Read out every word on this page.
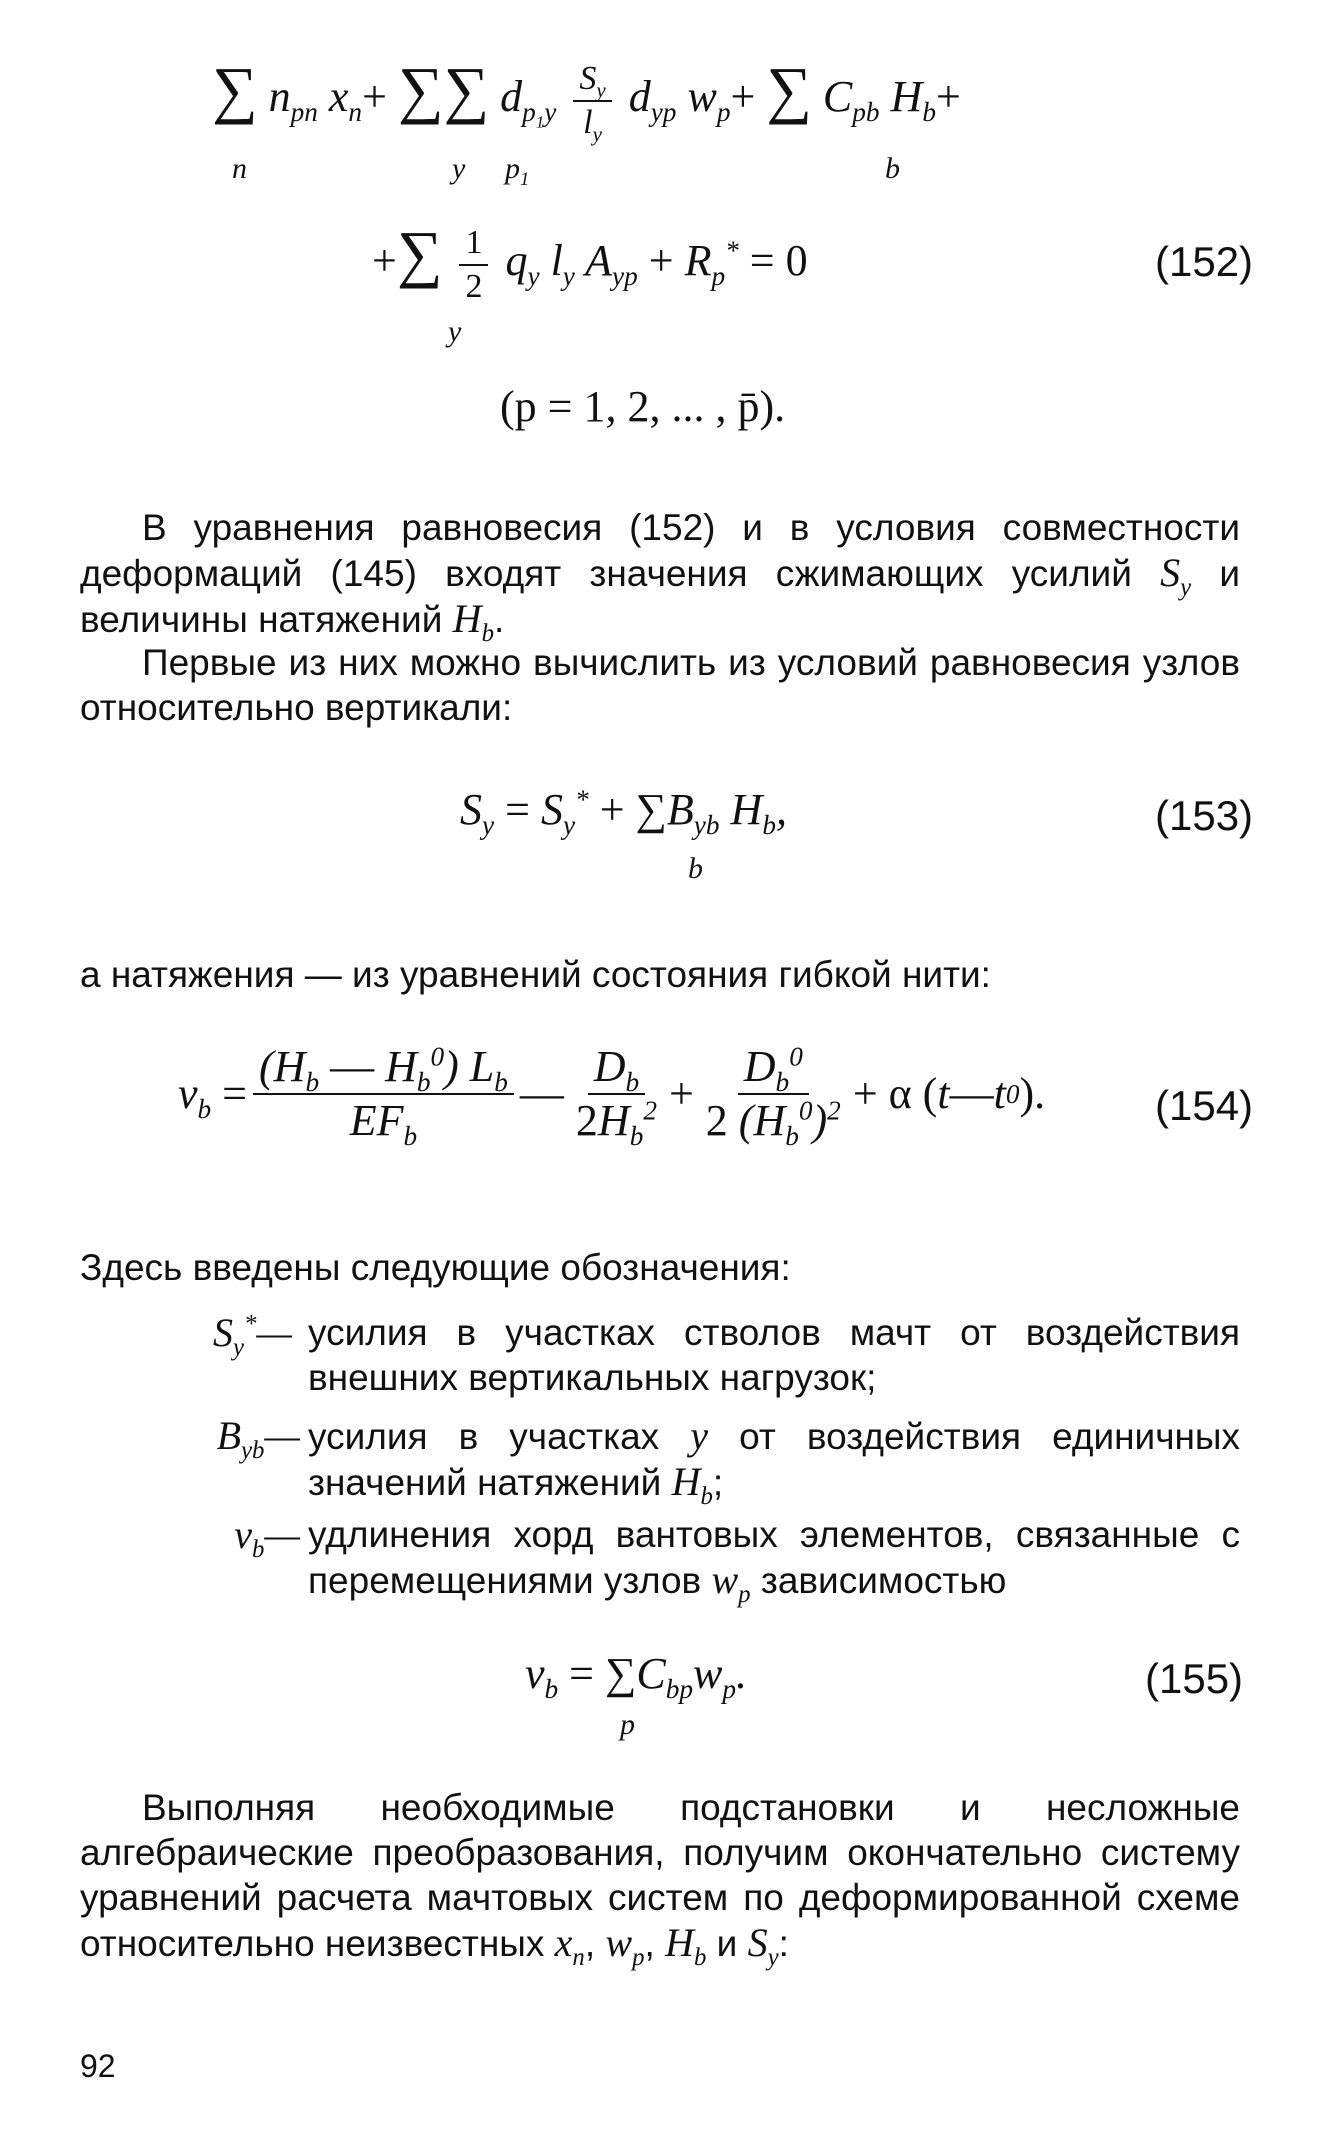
∑ $n_{pn}$ $x_n+$ ∑∑ $d_{p_1y} \frac{S_y}{l_y} d_{yp}$ $w_p+$ ∑ $C_{pb}$ $H_b+$
n	y $p_1$	b
+∑ $\frac{1}{2} q_y$ $l_y$ $A_{yp} + R_p^* = 0$
y
(152)
(p = 1, 2, ... , p̄).
В уравнения равновесия (152) и в условия совместности деформаций (145) входят значения сжимающих усилий $S_y$ и величины натяжений $H_b$.
Первые из них можно вычислить из условий равновесия узлов относительно вертикали:
$S_y = S_y^* + \sum B_{yb}$ $H_b$,
b
(153)
а натяжения — из уравнений состояния гибкой нити:
$v_b = \frac{(H_b — H_b^0) L_b}{EF_b}$ — $\frac{D_b}{2H_b^2} + \frac{D_b^0}{2 (H_b^0)^2} + \alpha$ ( t — t 0 ).	(154)
Здесь введены следующие обозначения:
$S_y^*—$ усилия в участках стволов мачт от воздействия внешних вертикальных нагрузок;
$B_{yb}—$ усилия в участках y от воздействия единичных значений натяжений $H_b$;
$v_b—$ удлинения хорд вантовых элементов, связанные с перемещениями узлов $w_p$ зависимостью
$v_b = \sum C_{bp}w_p$.
p
(155)
Выполняя необходимые подстановки и несложные алгебраические преобразования, получим окончательно систему уравнений расчета мачтовых систем по деформированной схеме относительно неизвестных $x_n$, $w_p$, $H_b$ и $S_y$:
92
